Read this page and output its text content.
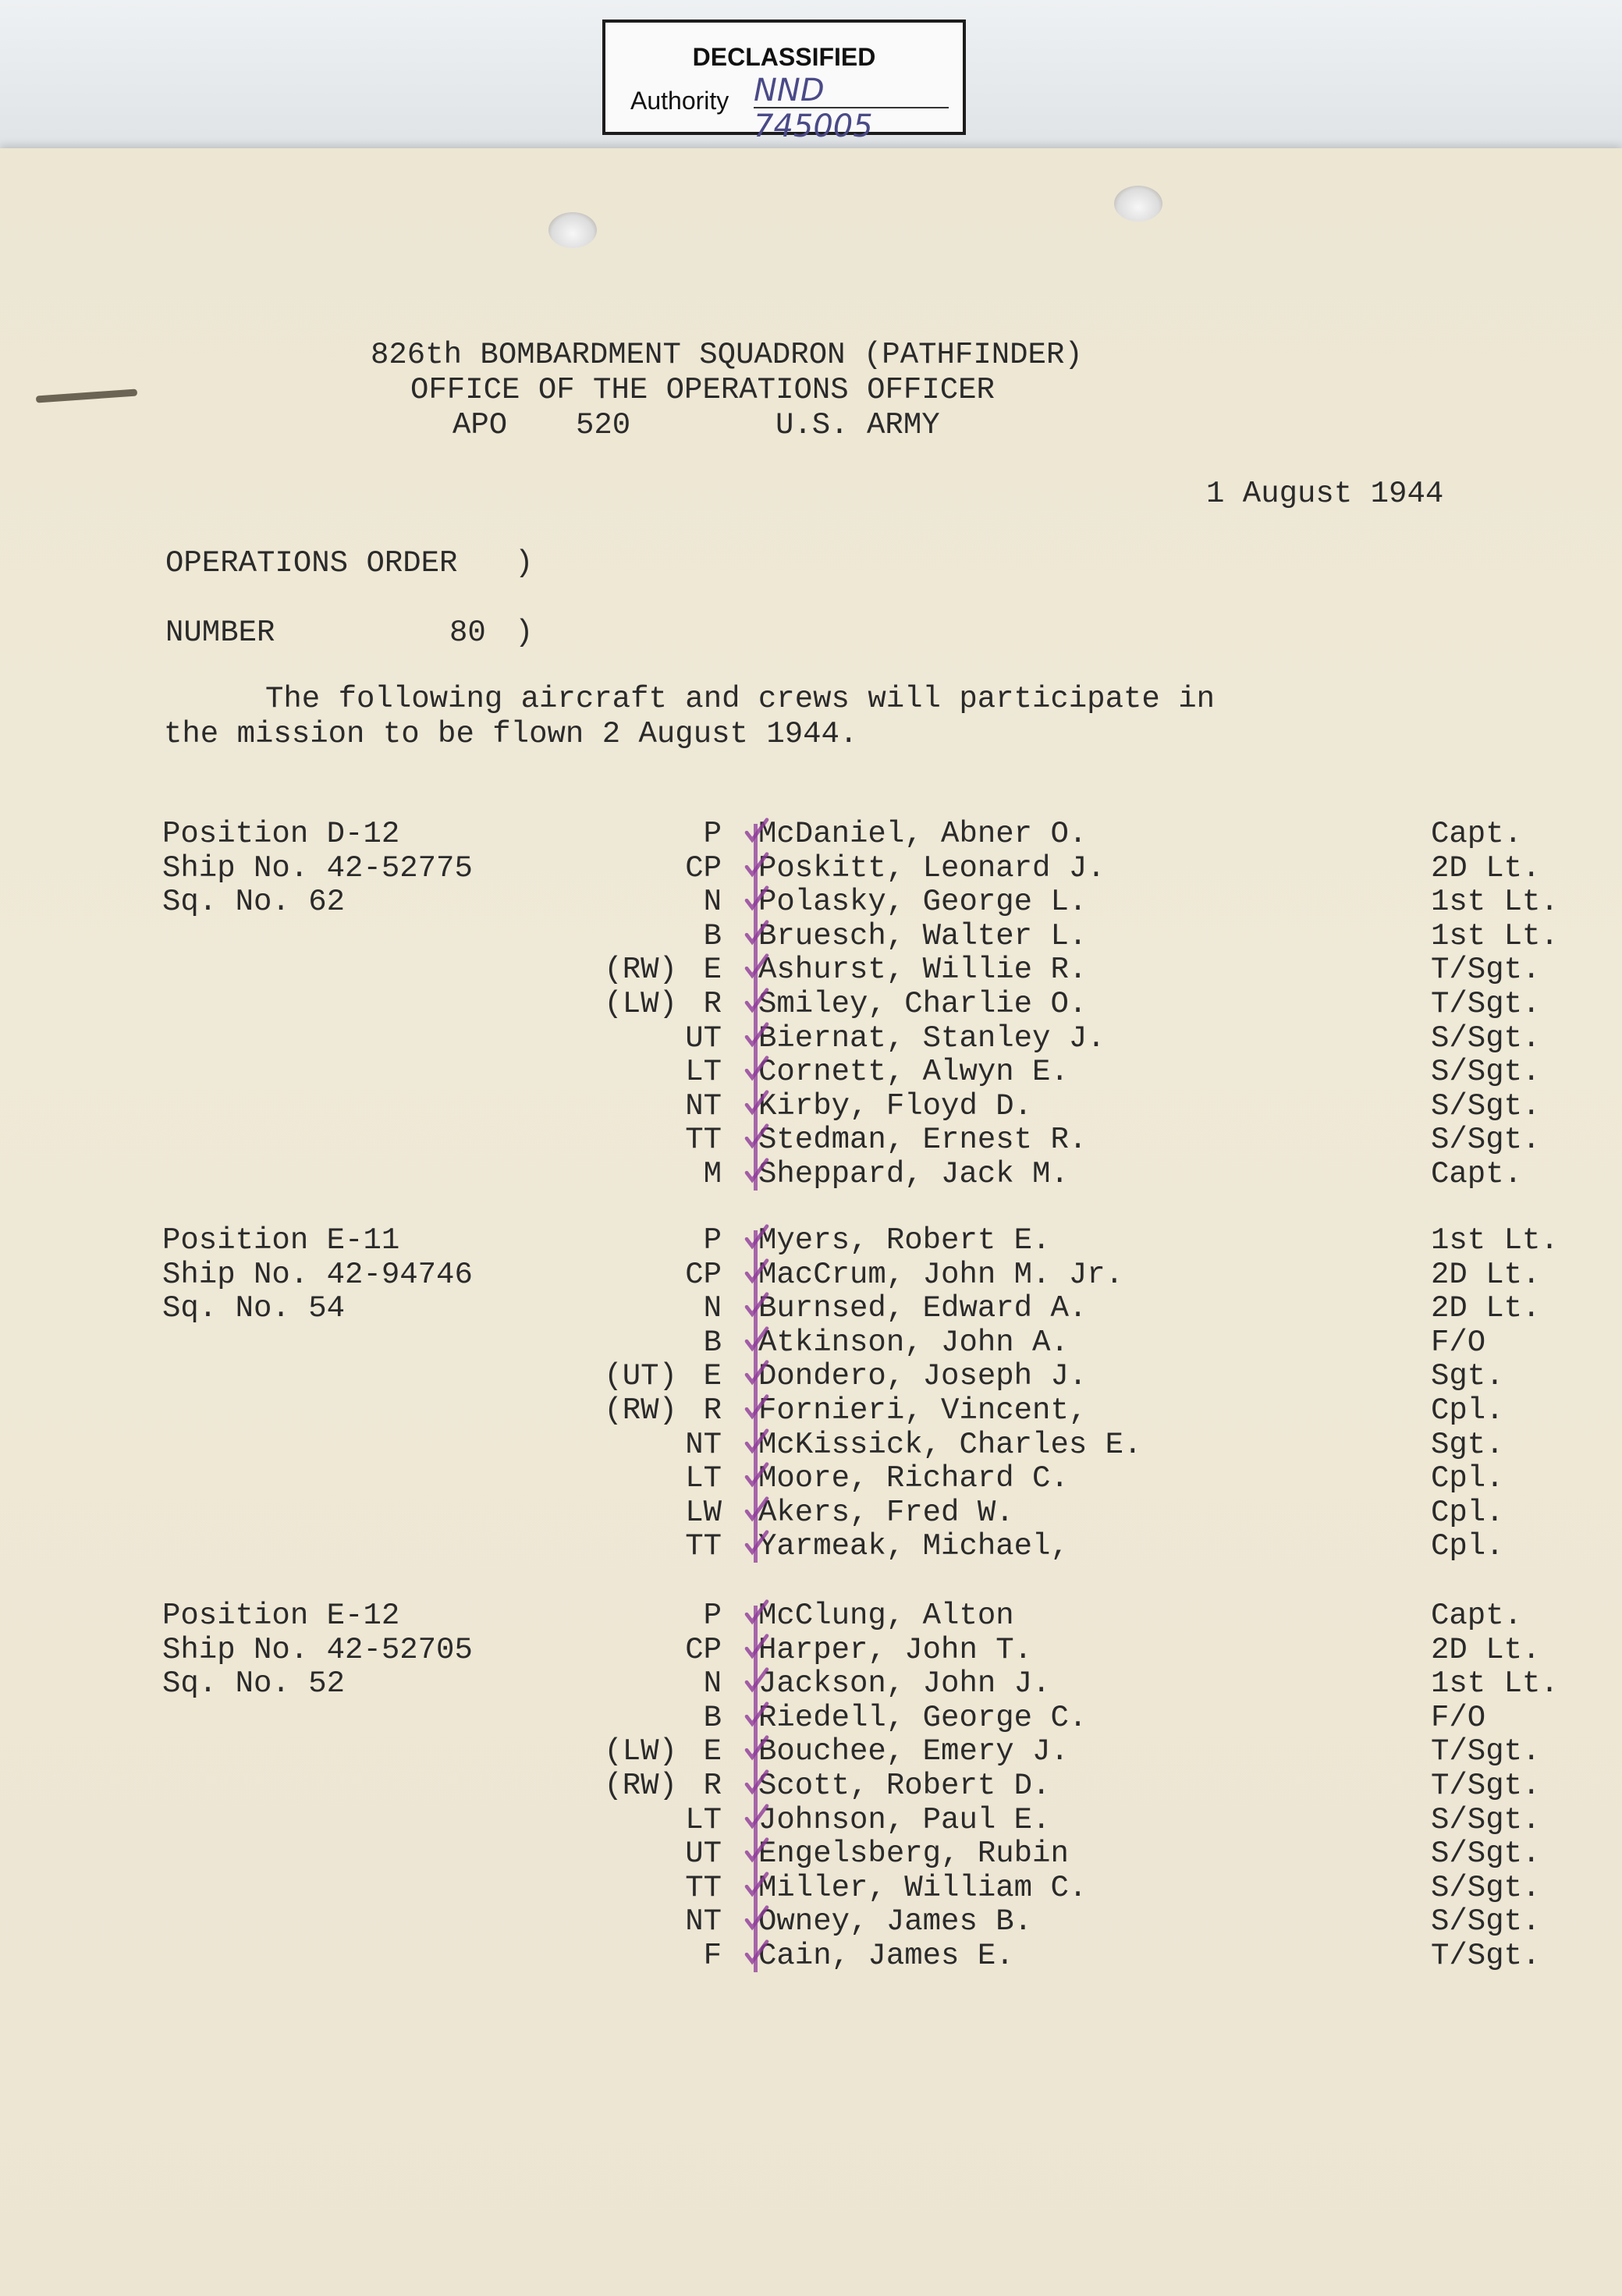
DECLASSIFIED
Authority NND 745005
826th BOMBARDMENT SQUADRON (PATHFINDER)
OFFICE OF THE OPERATIONS OFFICER
APO 520	U.S. ARMY
1 August 1944
OPERATIONS ORDER )
NUMBER	80 )
The following aircraft and crews will participate in
the mission to be flown 2 August 1944.
Position D-12
Ship No. 42-52775
Sq. No. 62
P McDaniel, Abner O.	Capt.
CP Poskitt, Leonard J.	2D Lt.
N Polasky, George L.	1st Lt.
B Bruesch, Walter L.	1st Lt.
(RW) E Ashurst, Willie R.	T/Sgt.
(LW) R Smiley, Charlie O.	T/Sgt.
UT Biernat, Stanley J.	S/Sgt.
LT Cornett, Alwyn E.	S/Sgt.
NT Kirby, Floyd D.	S/Sgt.
TT Stedman, Ernest R.	S/Sgt.
M Sheppard, Jack M.	Capt.
Position E-11
Ship No. 42-94746
Sq. No. 54
P Myers, Robert E.	1st Lt.
CP MacCrum, John M. Jr.	2D Lt.
N Burnsed, Edward A.	2D Lt.
B Atkinson, John A.	F/O
(UT) E Dondero, Joseph J.	Sgt.
(RW) R Fornieri, Vincent,	Cpl.
NT McKissick, Charles E.	Sgt.
LT Moore, Richard C.	Cpl.
LW Akers, Fred W.	Cpl.
TT Yarmeak, Michael,	Cpl.
Position E-12
Ship No. 42-52705
Sq. No. 52
P McClung, Alton	Capt.
CP Harper, John T.	2D Lt.
N Jackson, John J.	1st Lt.
B Riedell, George C.	F/O
(LW) E Bouchee, Emery J.	T/Sgt.
(RW) R Scott, Robert D.	T/Sgt.
LT Johnson, Paul E.	S/Sgt.
UT Engelsberg, Rubin	S/Sgt.
TT Miller, William C.	S/Sgt.
NT Owney, James B.	S/Sgt.
F Cain, James E.	T/Sgt.
